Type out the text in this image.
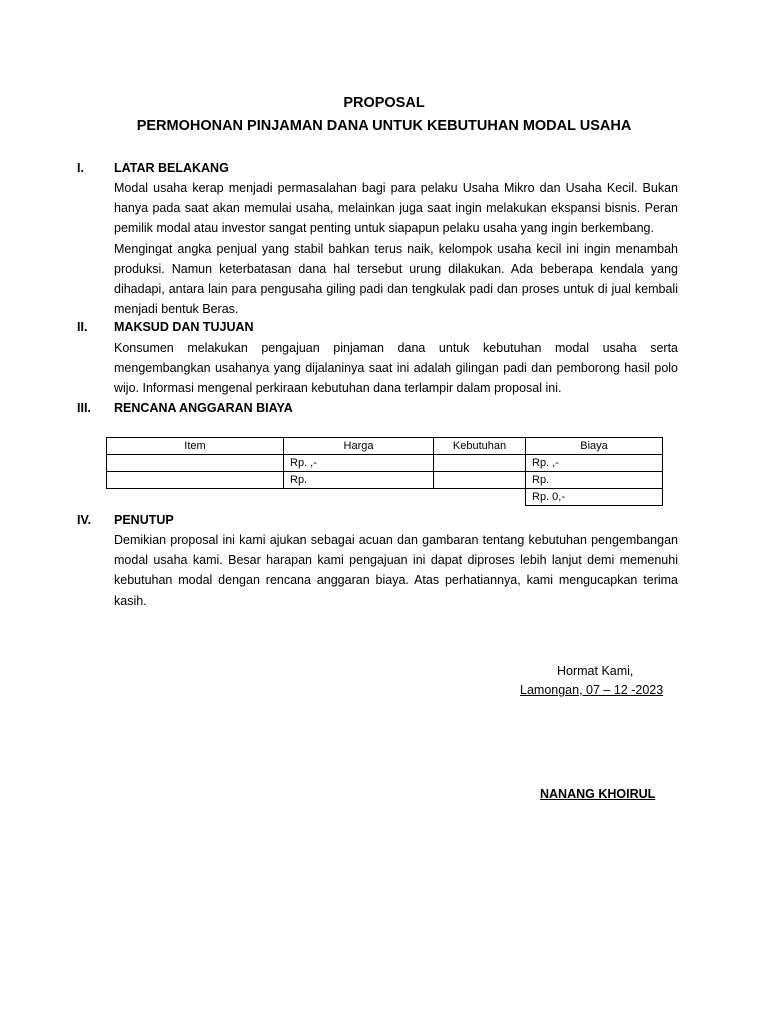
PROPOSAL
PERMOHONAN PINJAMAN DANA UNTUK KEBUTUHAN MODAL USAHA
I.	LATAR BELAKANG

Modal usaha kerap menjadi permasalahan bagi para pelaku Usaha Mikro dan Usaha Kecil. Bukan hanya pada saat akan memulai usaha, melainkan juga saat ingin melakukan ekspansi bisnis. Peran pemilik modal atau investor sangat penting untuk siapapun pelaku usaha yang ingin berkembang.

Mengingat angka penjual yang stabil bahkan terus naik, kelompok usaha kecil ini ingin menambah produksi. Namun keterbatasan dana hal tersebut urung dilakukan. Ada beberapa kendala yang dihadapi, antara lain para pengusaha giling padi dan tengkulak padi dan proses untuk di jual kembali menjadi bentuk Beras.

II.	MAKSUD DAN TUJUAN

Konsumen melakukan pengajuan pinjaman dana untuk kebutuhan modal usaha serta mengembangkan usahanya yang dijalaninya saat ini adalah gilingan padi dan pemborong hasil polo wijo. Informasi mengenal perkiraan kebutuhan dana terlampir dalam proposal ini.

III.	RENCANA ANGGARAN BIAYA
Item	Harga	Kebutuhan	Biaya
	Rp. ,-		Rp. ,-
	Rp.		Rp.
			Rp. 0,-
IV.	PENUTUP

Demikian proposal ini kami ajukan sebagai acuan dan gambaran tentang kebutuhan pengembangan modal usaha kami. Besar harapan kami pengajuan ini dapat diproses lebih lanjut demi memenuhi kebutuhan modal dengan rencana anggaran biaya. Atas perhatiannya, kami mengucapkan terima kasih.

Hormat Kami,
Lamongan, 07 – 12 -2023
NANANG KHOIRUL
